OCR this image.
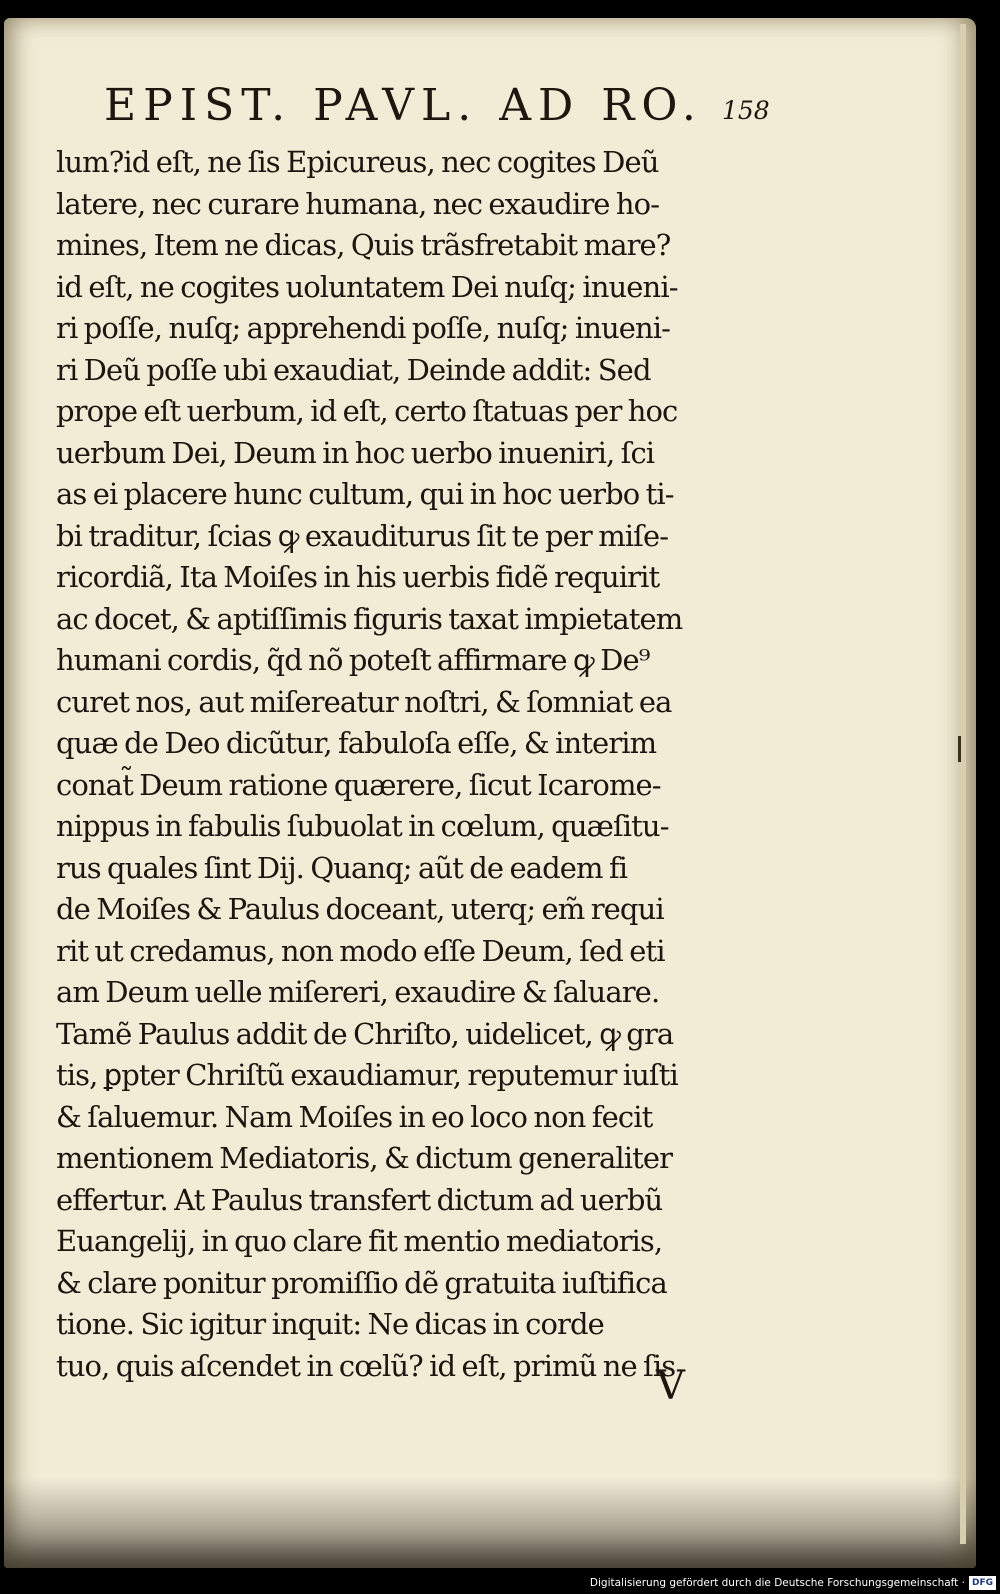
EPIST. PAVL. AD RO. 158
lum?id eſt, ne ſis Epicureus, nec cogites Deũ
latere, nec curare humana, nec exaudire ho-
mines, Item ne dicas, Quis trãsfretabit mare?
id eſt, ne cogites uoluntatem Dei nuſq; inueni-
ri poſſe, nuſq; apprehendi poſſe, nuſq; inueni-
ri Deũ poſſe ubi exaudiat, Deinde addit: Sed
prope eſt uerbum, id eſt, certo ſtatuas per hoc
uerbum Dei, Deum in hoc uerbo inueniri, ſci
as ei placere hunc cultum, qui in hoc uerbo ti-
bi traditur, ſcias ꝙ exauditurus ſit te per miſe-
ricordiã, Ita Moiſes in his uerbis fidẽ requirit
ac docet, & aptiſſimis figuris taxat impietatem
humani cordis, q̃d nõ poteſt affirmare ꝙ De⁹
curet nos, aut miſereatur noſtri, & ſomniat ea
quæ de Deo dicũtur, fabuloſa eſſe, & interim
conat̃ Deum ratione quærere, ſicut Icarome-
nippus in fabulis ſubuolat in cœlum, quæſitu-
rus quales ſint Dij. Quanq; aũt de eadem fi
de Moiſes & Paulus doceant, uterq; em̃ requi
rit ut credamus, non modo eſſe Deum, ſed eti
am Deum uelle miſereri, exaudire & ſaluare.
Tamẽ Paulus addit de Chriſto, uidelicet, ꝙ gra
tis, ꝑpter Chriſtũ exaudiamur, reputemur iuſti
& ſaluemur. Nam Moiſes in eo loco non fecit
mentionem Mediatoris, & dictum generaliter
effertur. At Paulus transfert dictum ad uerbũ
Euangelij, in quo clare fit mentio mediatoris,
& clare ponitur promiſſio dẽ gratuita iuſtifica
tione. Sic igitur inquit: Ne dicas in corde
tuo, quis aſcendet in cœlũ? id eſt, primũ ne ſis
V
Digitalisierung gefördert durch die Deutsche Forschungsgemeinschaft · DFG
